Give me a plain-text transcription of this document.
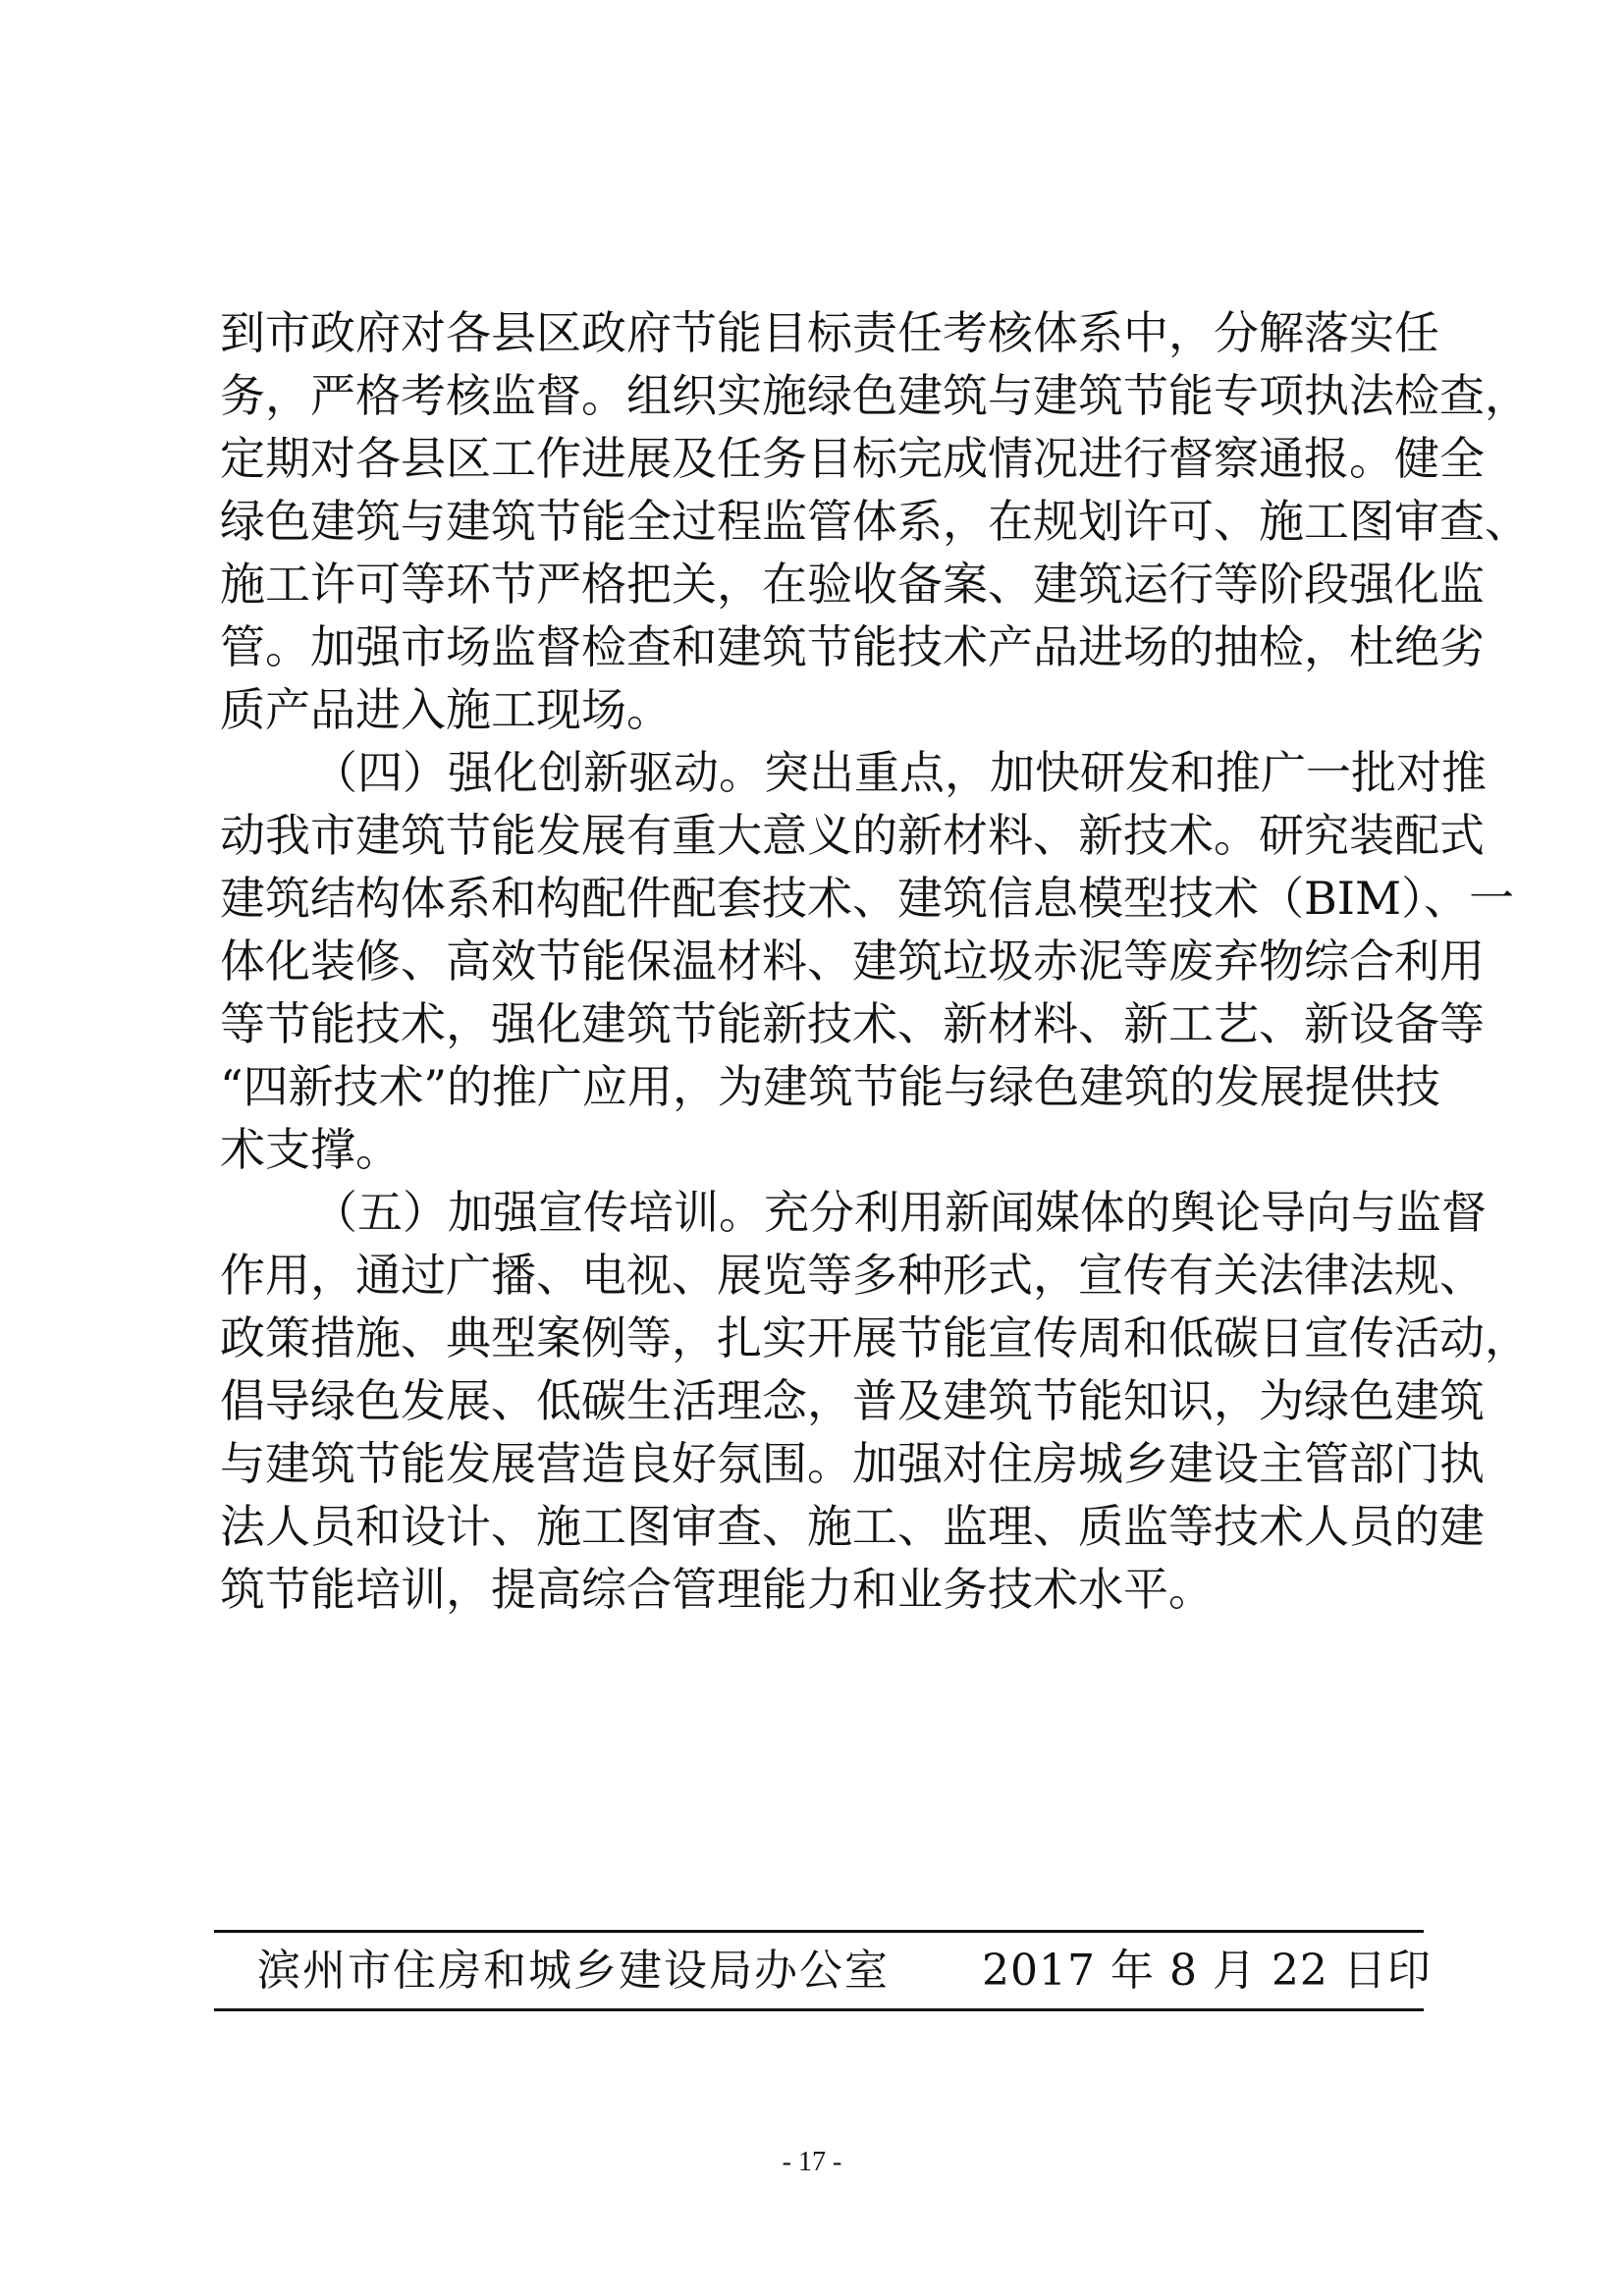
到市政府对各县区政府节能目标责任考核体系中，分解落实任
务，严格考核监督。组织实施绿色建筑与建筑节能专项执法检查，
定期对各县区工作进展及任务目标完成情况进行督察通报。健全
绿色建筑与建筑节能全过程监管体系，在规划许可、施工图审查、
施工许可等环节严格把关，在验收备案、建筑运行等阶段强化监
管。加强市场监督检查和建筑节能技术产品进场的抽检，杜绝劣
质产品进入施工现场。
（四）强化创新驱动。突出重点，加快研发和推广一批对推
动我市建筑节能发展有重大意义的新材料、新技术。研究装配式
建筑结构体系和构配件配套技术、建筑信息模型技术（BIM）、一
体化装修、高效节能保温材料、建筑垃圾赤泥等废弃物综合利用
等节能技术，强化建筑节能新技术、新材料、新工艺、新设备等
“四新技术”的推广应用，为建筑节能与绿色建筑的发展提供技
术支撑。
（五）加强宣传培训。充分利用新闻媒体的舆论导向与监督
作用，通过广播、电视、展览等多种形式，宣传有关法律法规、
政策措施、典型案例等，扎实开展节能宣传周和低碳日宣传活动，
倡导绿色发展、低碳生活理念，普及建筑节能知识，为绿色建筑
与建筑节能发展营造良好氛围。加强对住房城乡建设主管部门执
法人员和设计、施工图审查、施工、监理、质监等技术人员的建
筑节能培训，提高综合管理能力和业务技术水平。
滨州市住房和城乡建设局办公室 2017 年 8 月 22 日印
- 17 -
